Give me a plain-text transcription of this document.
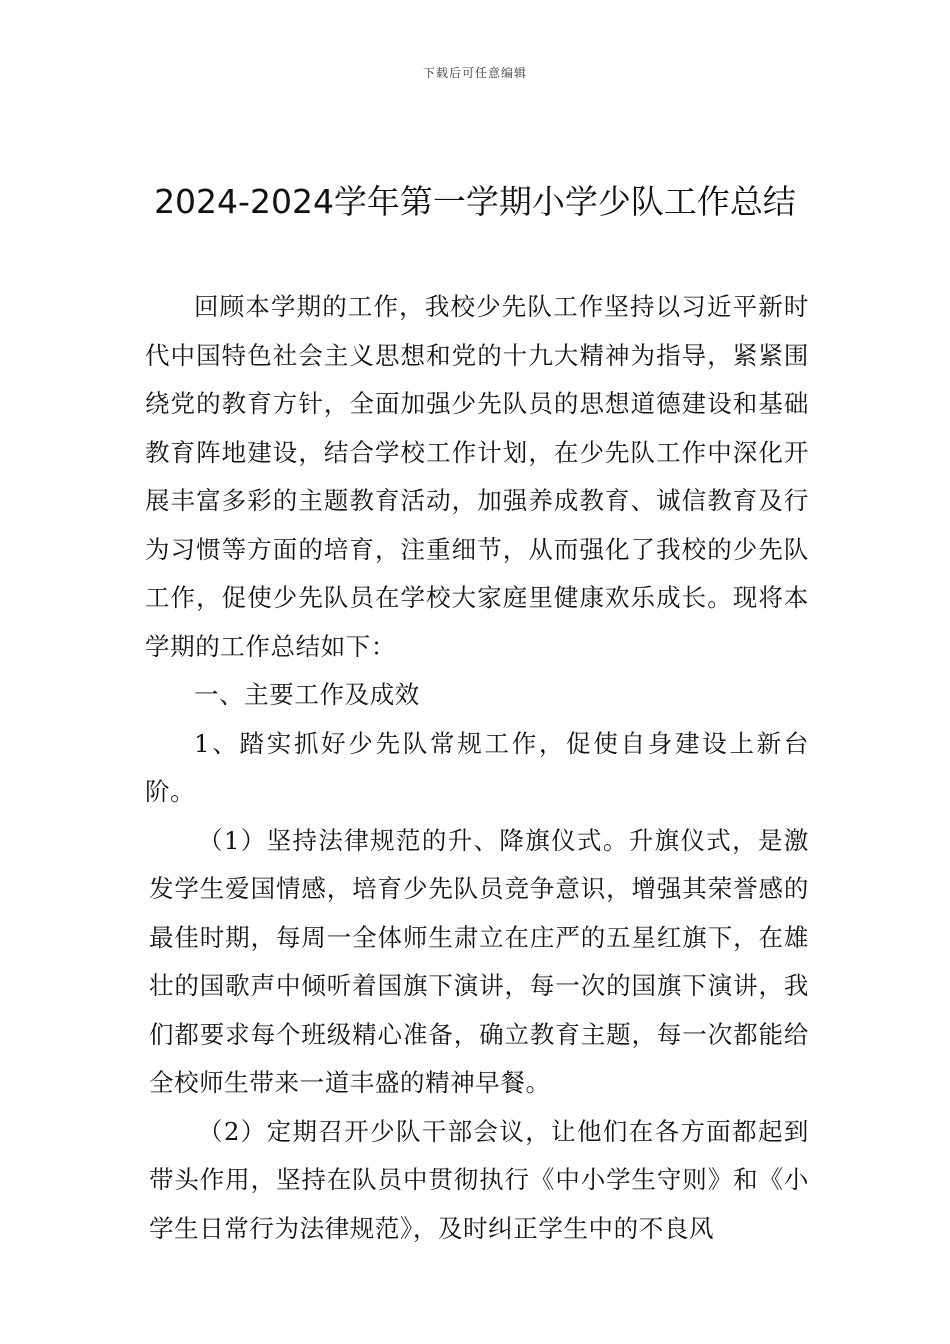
下载后可任意编辑
2024-2024学年第一学期小学少队工作总结

回顾本学期的工作，我校少先队工作坚持以习近平新时代中国特色社会主义思想和党的十九大精神为指导，紧紧围绕党的教育方针，全面加强少先队员的思想道德建设和基础教育阵地建设，结合学校工作计划，在少先队工作中深化开展丰富多彩的主题教育活动，加强养成教育、诚信教育及行为习惯等方面的培育，注重细节，从而强化了我校的少先队工作，促使少先队员在学校大家庭里健康欢乐成长。现将本学期的工作总结如下：

一、主要工作及成效

1、踏实抓好少先队常规工作，促使自身建设上新台阶。

（1）坚持法律规范的升、降旗仪式。升旗仪式，是激发学生爱国情感，培育少先队员竞争意识，增强其荣誉感的最佳时期，每周一全体师生肃立在庄严的五星红旗下，在雄壮的国歌声中倾听着国旗下演讲，每一次的国旗下演讲，我们都要求每个班级精心准备，确立教育主题，每一次都能给全校师生带来一道丰盛的精神早餐。

（2）定期召开少队干部会议，让他们在各方面都起到带头作用，坚持在队员中贯彻执行《中小学生守则》和《小学生日常行为法律规范》，及时纠正学生中的不良风
